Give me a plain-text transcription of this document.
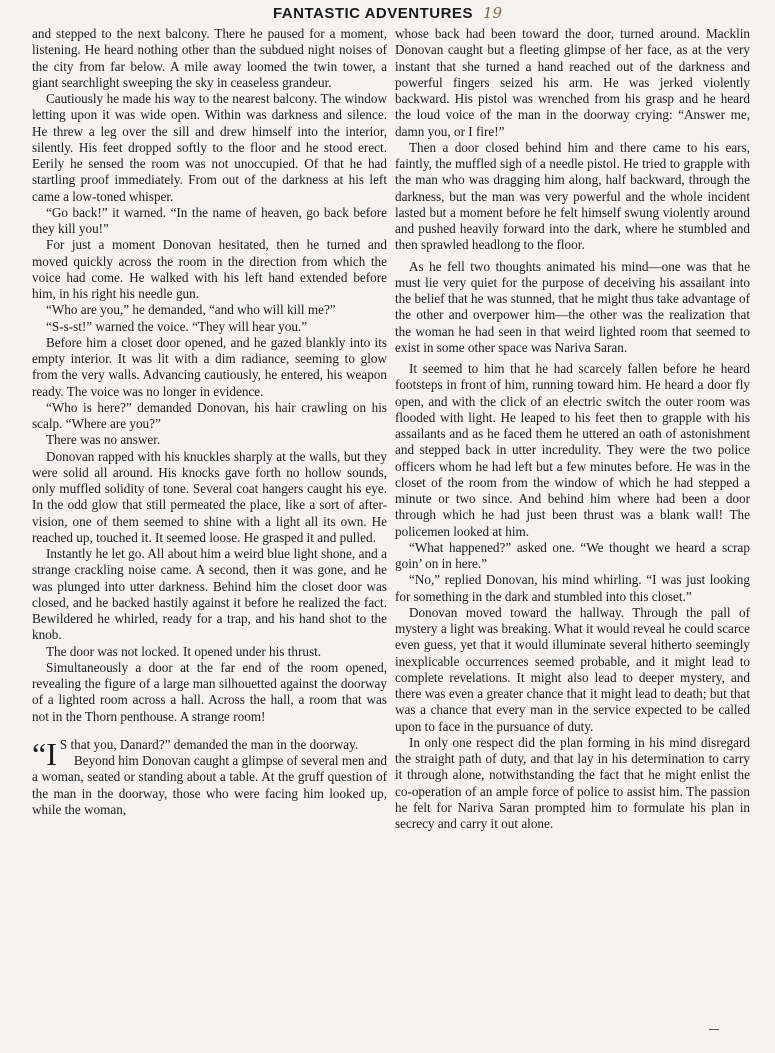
FANTASTIC ADVENTURES 19

and stepped to the next balcony. There he paused for a moment, listening. He heard nothing other than the subdued night noises of the city from far below. A mile away loomed the twin tower, a giant searchlight sweeping the sky in ceaseless grandeur.

Cautiously he made his way to the nearest balcony. The window letting upon it was wide open. Within was darkness and silence. He threw a leg over the sill and drew himself into the interior, silently. His feet dropped softly to the floor and he stood erect. Eerily he sensed the room was not unoccupied. Of that he had startling proof immediately. From out of the darkness at his left came a low-toned whisper.

“Go back!” it warned. “In the name of heaven, go back before they kill you!”

For just a moment Donovan hesitated, then he turned and moved quickly across the room in the direction from which the voice had come. He walked with his left hand extended before him, in his right his needle gun.

“Who are you,” he demanded, “and who will kill me?”

“S-s-st!” warned the voice. “They will hear you.”

Before him a closet door opened, and he gazed blankly into its empty interior. It was lit with a dim radiance, seeming to glow from the very walls. Advancing cautiously, he entered, his weapon ready. The voice was no longer in evidence.

“Who is here?” demanded Donovan, his hair crawling on his scalp. “Where are you?”

There was no answer.

Donovan rapped with his knuckles sharply at the walls, but they were solid all around. His knocks gave forth no hollow sounds, only muffled solidity of tone. Several coat hangers caught his eye. In the odd glow that still permeated the place, like a sort of after-vision, one of them seemed to shine with a light all its own. He reached up, touched it. It seemed loose. He grasped it and pulled.

Instantly he let go. All about him a weird blue light shone, and a strange crackling noise came. A second, then it was gone, and he was plunged into utter darkness. Behind him the closet door was closed, and he backed hastily against it before he realized the fact. Bewildered he whirled, ready for a trap, and his hand shot to the knob.

The door was not locked. It opened under his thrust.

Simultaneously a door at the far end of the room opened, revealing the figure of a large man silhouetted against the doorway of a lighted room across a hall. Across the hall, a room that was not in the Thorn penthouse. A strange room!

“I S that you, Danard?” demanded the man in the doorway.

Beyond him Donovan caught a glimpse of several men and a woman, seated or standing about a table. At the gruff question of the man in the doorway, those who were facing him looked up, while the woman,

whose back had been toward the door, turned around. Macklin Donovan caught but a fleeting glimpse of her face, as at the very instant that she turned a hand reached out of the darkness and powerful fingers seized his arm. He was jerked violently backward. His pistol was wrenched from his grasp and he heard the loud voice of the man in the doorway crying: “Answer me, damn you, or I fire!”

Then a door closed behind him and there came to his ears, faintly, the muffled sigh of a needle pistol. He tried to grapple with the man who was dragging him along, half backward, through the darkness, but the man was very powerful and the whole incident lasted but a moment before he felt himself swung violently around and pushed heavily forward into the dark, where he stumbled and then sprawled headlong to the floor.

As he fell two thoughts animated his mind—one was that he must lie very quiet for the purpose of deceiving his assailant into the belief that he was stunned, that he might thus take advantage of the other and overpower him—the other was the realization that the woman he had seen in that weird lighted room that seemed to exist in some other space was Nariva Saran.

It seemed to him that he had scarcely fallen before he heard footsteps in front of him, running toward him. He heard a door fly open, and with the click of an electric switch the outer room was flooded with light. He leaped to his feet then to grapple with his assailants and as he faced them he uttered an oath of astonishment and stepped back in utter incredulity. They were the two police officers whom he had left but a few minutes before. He was in the closet of the room from the window of which he had stepped a minute or two since. And behind him where had been a door through which he had just been thrust was a blank wall! The policemen looked at him.

“What happened?” asked one. “We thought we heard a scrap goin’ on in here.”

“No,” replied Donovan, his mind whirling. “I was just looking for something in the dark and stumbled into this closet.”

Donovan moved toward the hallway. Through the pall of mystery a light was breaking. What it would reveal he could scarce even guess, yet that it would illuminate several hitherto seemingly inexplicable occurrences seemed probable, and it might lead to complete revelations. It might also lead to deeper mystery, and there was even a greater chance that it might lead to death; but that was a chance that every man in the service expected to be called upon to face in the pursuance of duty.

In only one respect did the plan forming in his mind disregard the straight path of duty, and that lay in his determination to carry it through alone, notwithstanding the fact that he might enlist the co-operation of an ample force of police to assist him. The passion he felt for Nariva Saran prompted him to formulate his plan in secrecy and carry it out alone.
